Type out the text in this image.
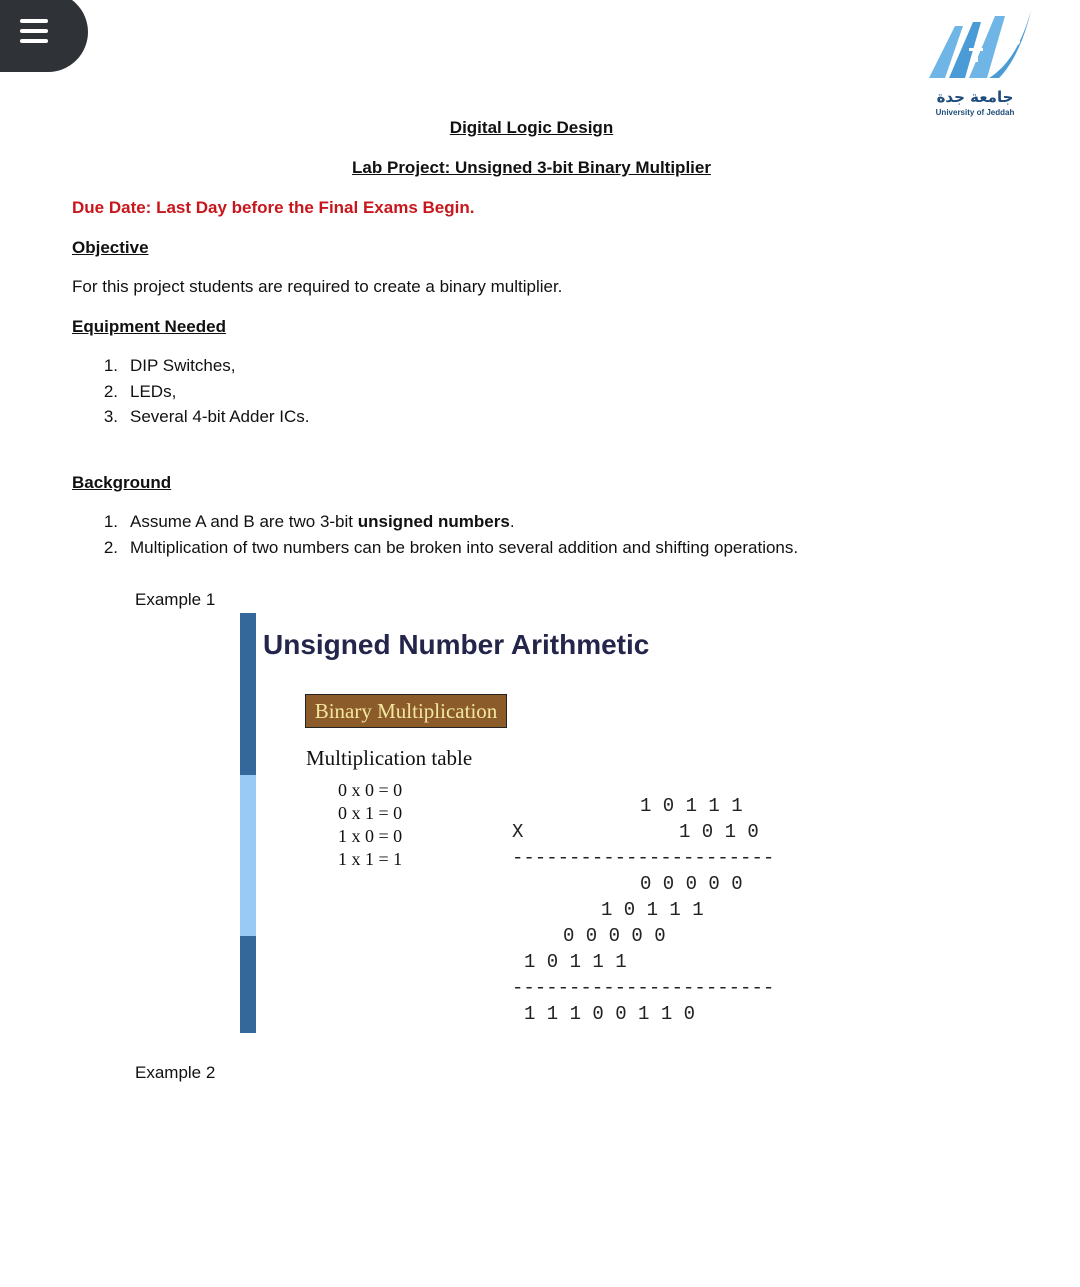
جامعة جدة
University of Jeddah
Digital Logic Design
Lab Project: Unsigned 3-bit Binary Multiplier
Due Date: Last Day before the Final Exams Begin.
Objective
For this project students are required to create a binary multiplier.
Equipment Needed
1. DIP Switches,
2. LEDs,
3. Several 4-bit Adder ICs.
Background
1. Assume A and B are two 3-bit unsigned numbers.
2. Multiplication of two numbers can be broken into several addition and shifting operations.
Example 1
Unsigned Number Arithmetic
Binary Multiplication
Multiplication table
0 x 0 = 0
0 x 1 = 0
1 x 0 = 0
1 x 1 = 1
1 0 1 1 1
X	1 0 1 0
-----------------------
0 0 0 0 0
1 0 1 1 1
0 0 0 0 0
1 0 1 1 1
-----------------------
1 1 1 0 0 1 1 0
Example 2
